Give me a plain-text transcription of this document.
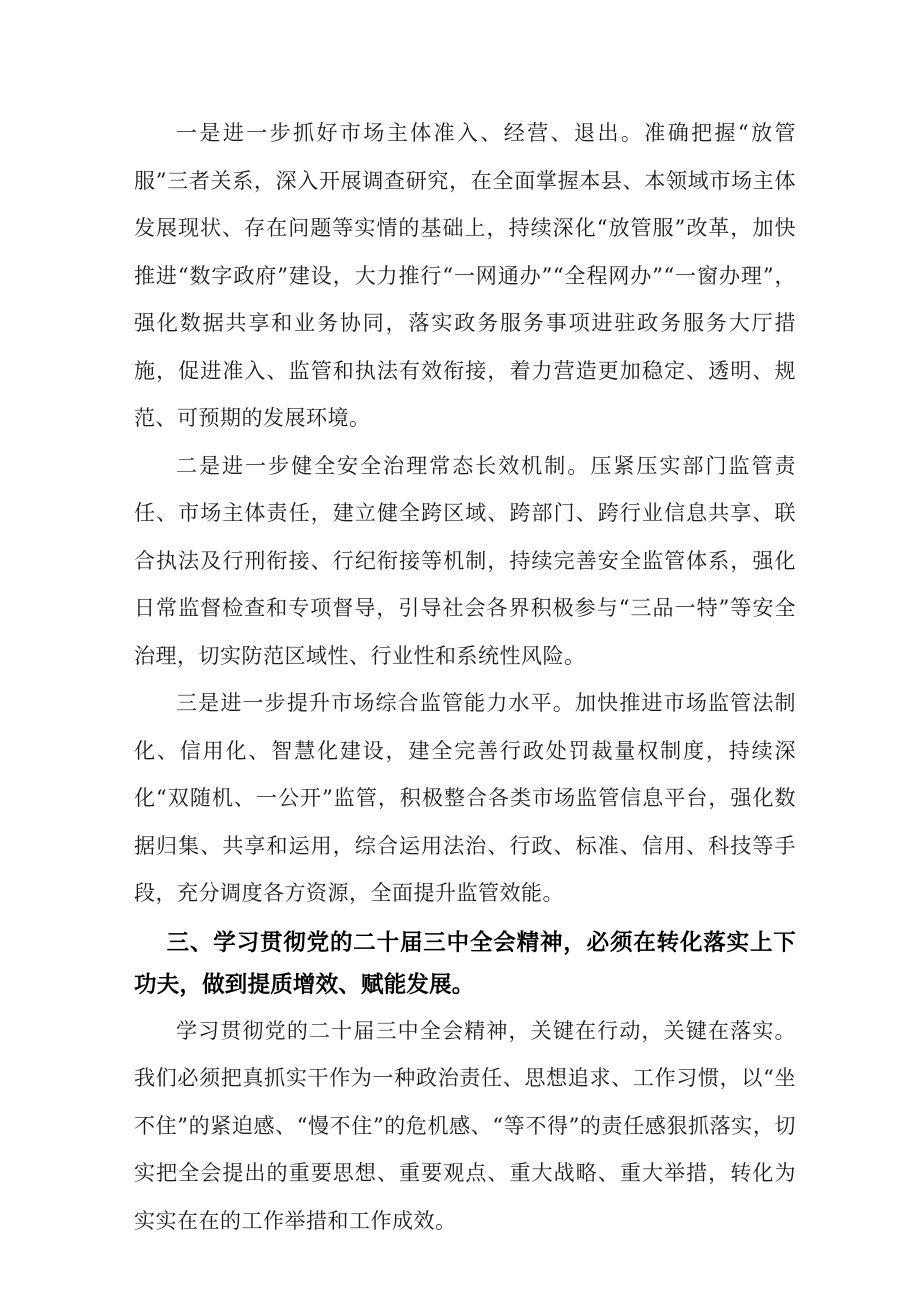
一是进一步抓好市场主体准入、经营、退出。准确把握“放管服”三者关系，深入开展调查研究，在全面掌握本县、本领域市场主体发展现状、存在问题等实情的基础上，持续深化“放管服”改革，加快推进“数字政府”建设，大力推行“一网通办”“全程网办”“一窗办理”，强化数据共享和业务协同，落实政务服务事项进驻政务服务大厅措施，促进准入、监管和执法有效衔接，着力营造更加稳定、透明、规范、可预期的发展环境。

二是进一步健全安全治理常态长效机制。压紧压实部门监管责任、市场主体责任，建立健全跨区域、跨部门、跨行业信息共享、联合执法及行刑衔接、行纪衔接等机制，持续完善安全监管体系，强化日常监督检查和专项督导，引导社会各界积极参与“三品一特”等安全治理，切实防范区域性、行业性和系统性风险。

三是进一步提升市场综合监管能力水平。加快推进市场监管法制化、信用化、智慧化建设，建全完善行政处罚裁量权制度，持续深化“双随机、一公开”监管，积极整合各类市场监管信息平台，强化数据归集、共享和运用，综合运用法治、行政、标准、信用、科技等手段，充分调度各方资源，全面提升监管效能。

三、学习贯彻党的二十届三中全会精神，必须在转化落实上下功夫，做到提质增效、赋能发展。

学习贯彻党的二十届三中全会精神，关键在行动，关键在落实。我们必须把真抓实干作为一种政治责任、思想追求、工作习惯，以“坐不住”的紧迫感、“慢不住”的危机感、“等不得”的责任感狠抓落实，切实把全会提出的重要思想、重要观点、重大战略、重大举措，转化为实实在在的工作举措和工作成效。
